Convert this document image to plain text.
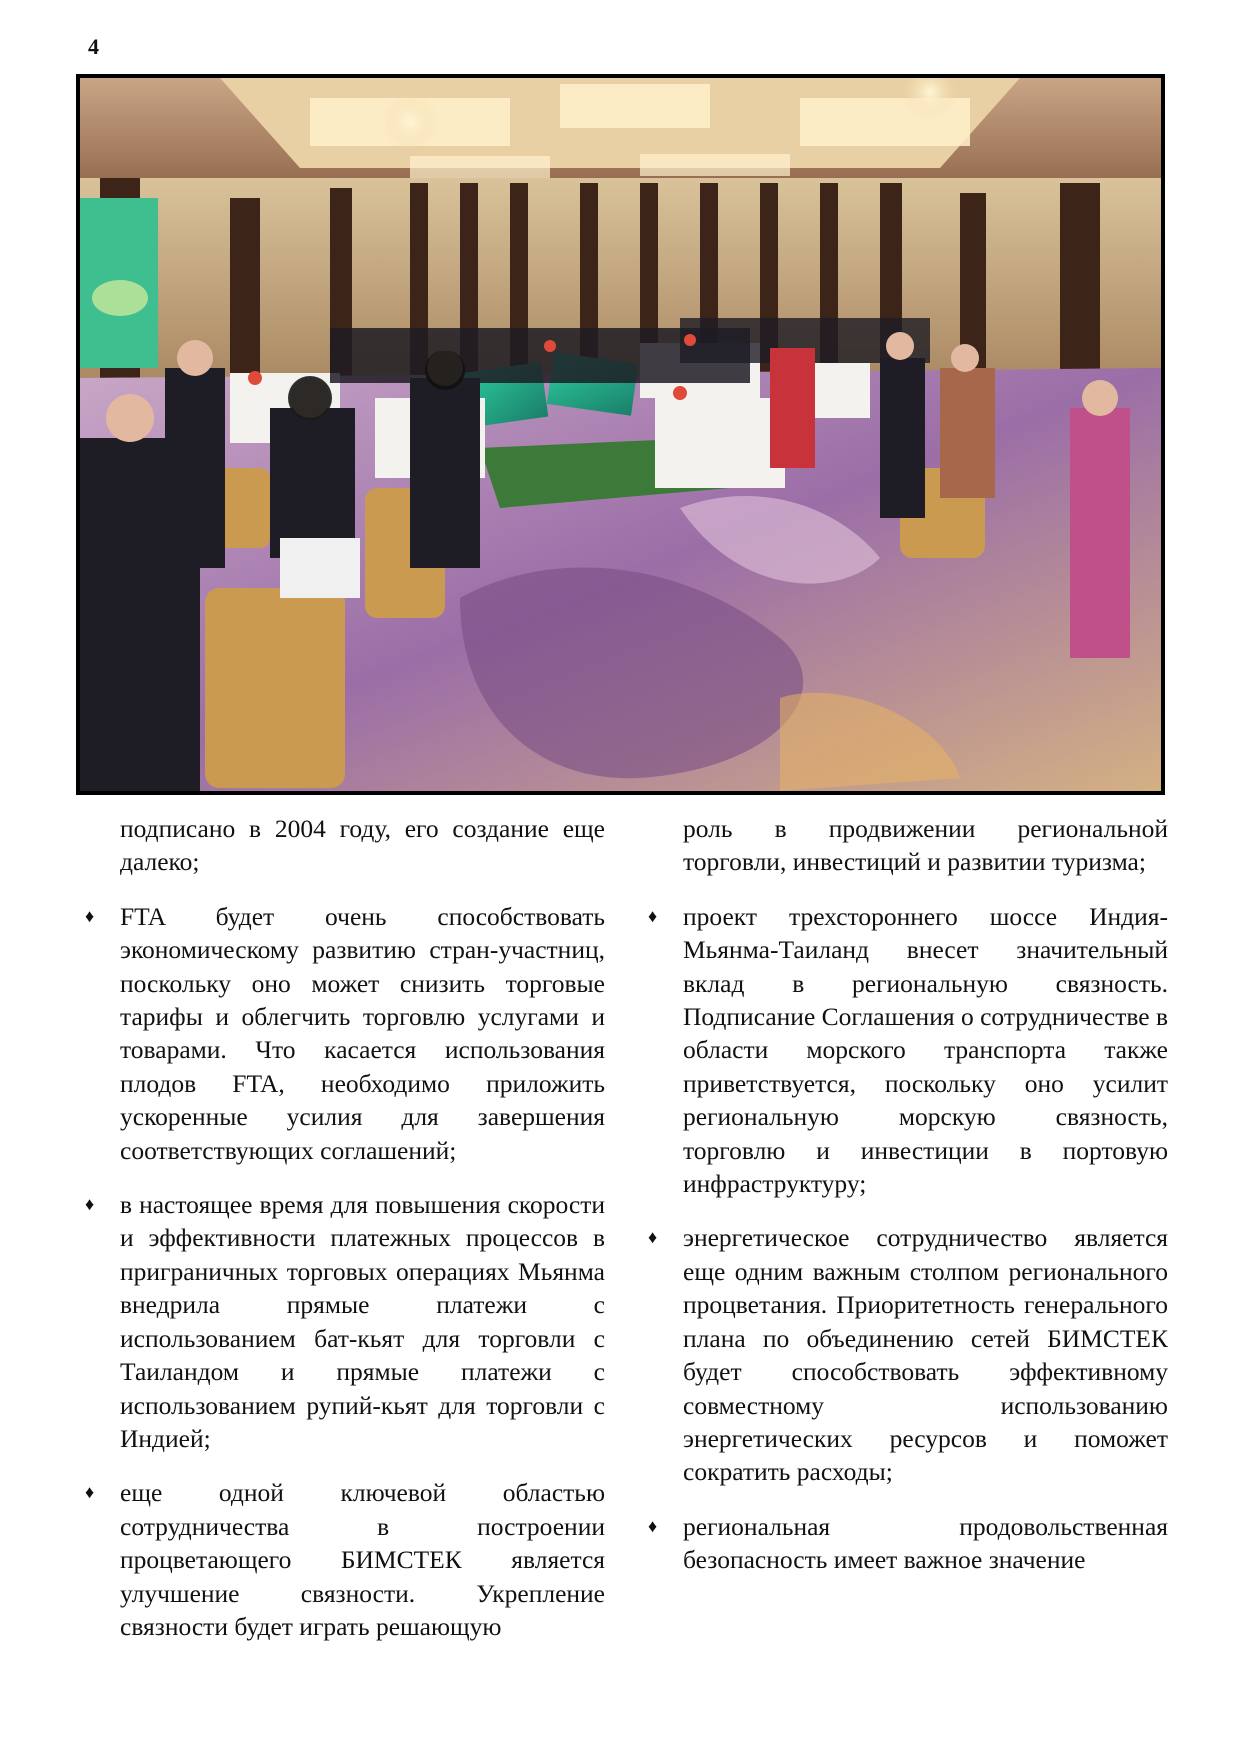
4

подписано в 2004 году, его создание еще далеко;

♦ FTA будет очень способствовать экономическому развитию стран-участниц, поскольку оно может снизить торговые тарифы и облегчить торговлю услугами и товарами. Что касается использования плодов FTA, необходимо приложить ускоренные усилия для завершения соответствующих соглашений;
♦ в настоящее время для повышения скорости и эффективности платежных процессов в приграничных торговых операциях Мьянма внедрила прямые платежи с использованием бат-кьят для торговли с Таиландом и прямые платежи с использованием рупий-кьят для торговли с Индией;
♦ еще одной ключевой областью сотрудничества в построении процветающего БИМСТЕК является улучшение связности. Укрепление связности будет играть решающую

роль в продвижении региональной торговли, инвестиций и развитии туризма;

♦ проект трехстороннего шоссе Индия-Мьянма-Таиланд внесет значительный вклад в региональную связность. Подписание Соглашения о сотрудничестве в области морского транспорта также приветствуется, поскольку оно усилит региональную морскую связность, торговлю и инвестиции в портовую инфраструктуру;
♦ энергетическое сотрудничество является еще одним важным столпом регионального процветания. Приоритетность генерального плана по объединению сетей БИМСТЕК будет способствовать эффективному совместному использованию энергетических ресурсов и поможет сократить расходы;
♦ региональная продовольственная безопасность имеет важное значение
